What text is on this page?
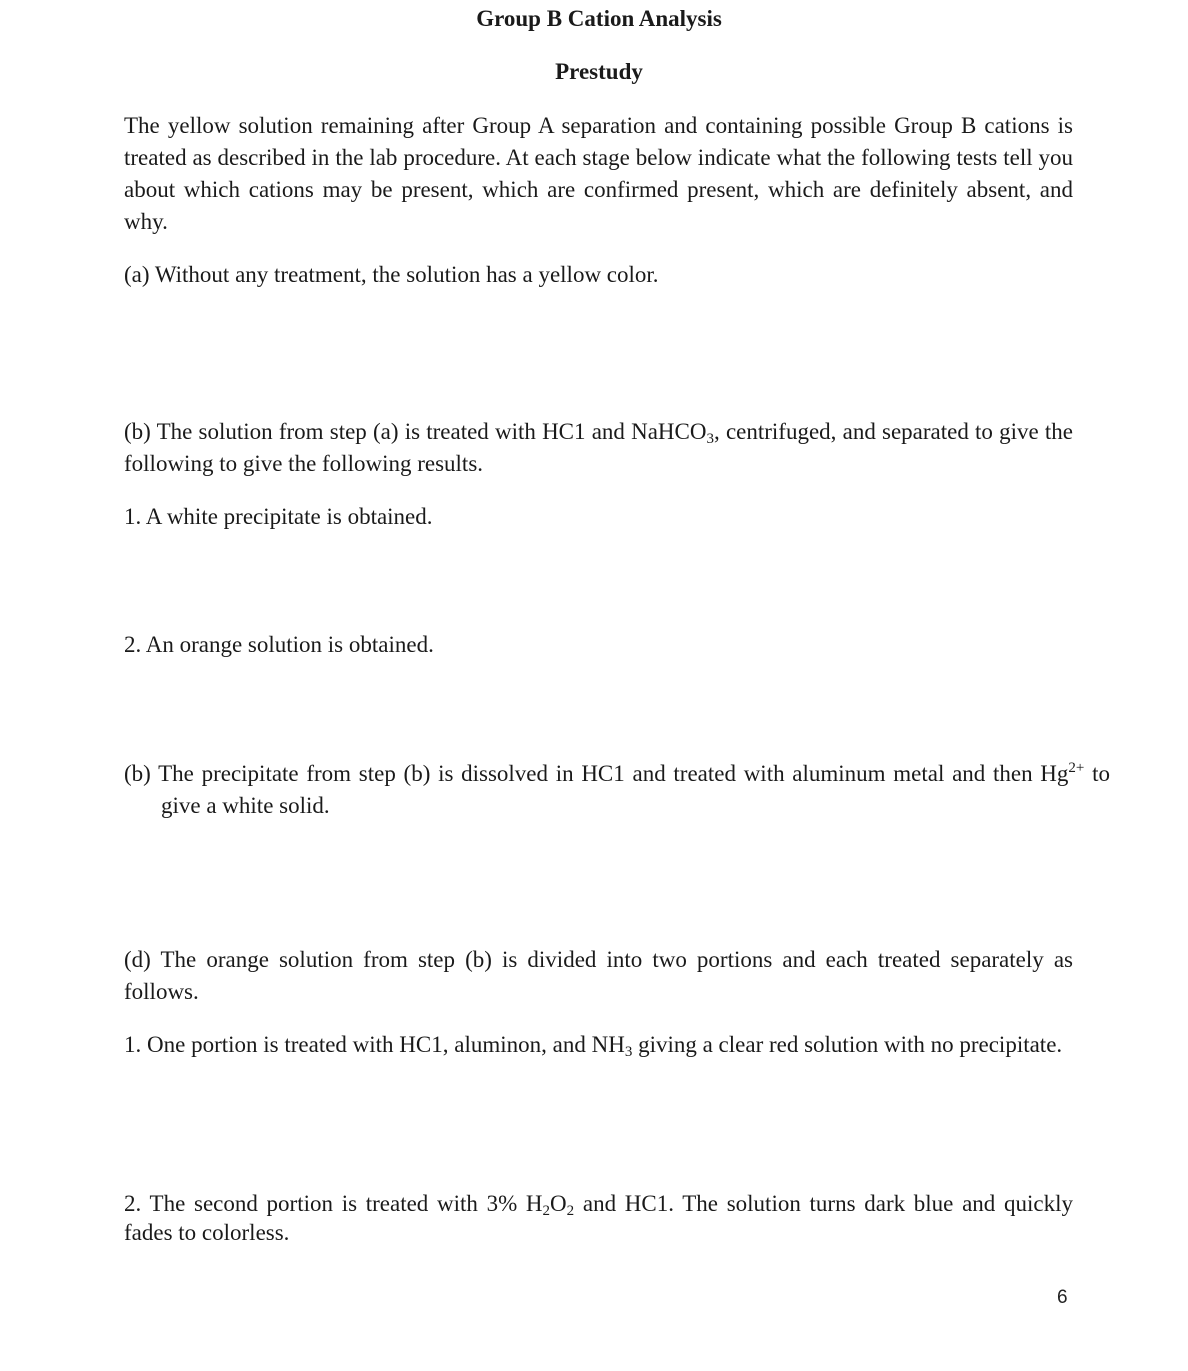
Group B Cation Analysis
Prestudy

The yellow solution remaining after Group A separation and containing possible Group B cations is treated as described in the lab procedure. At each stage below indicate what the following tests tell you about which cations may be present, which are confirmed present, which are definitely absent, and why.

(a) Without any treatment, the solution has a yellow color.

(b) The solution from step (a) is treated with HC1 and NaHCO$_3$, centrifuged, and separated to give the following to give the following results.

1. A white precipitate is obtained.

2. An orange solution is obtained.

(b) The precipitate from step (b) is dissolved in HC1 and treated with aluminum metal and then $Hg^{2+}$ to give a white solid.

(d) The orange solution from step (b) is divided into two portions and each treated separately as follows.

1. One portion is treated with HC1, aluminon, and $NH_3$ giving a clear red solution with no precipitate.

2. The second portion is treated with 3% $H_2O_2$ and HC1. The solution turns dark blue and quickly fades to colorless.

6
